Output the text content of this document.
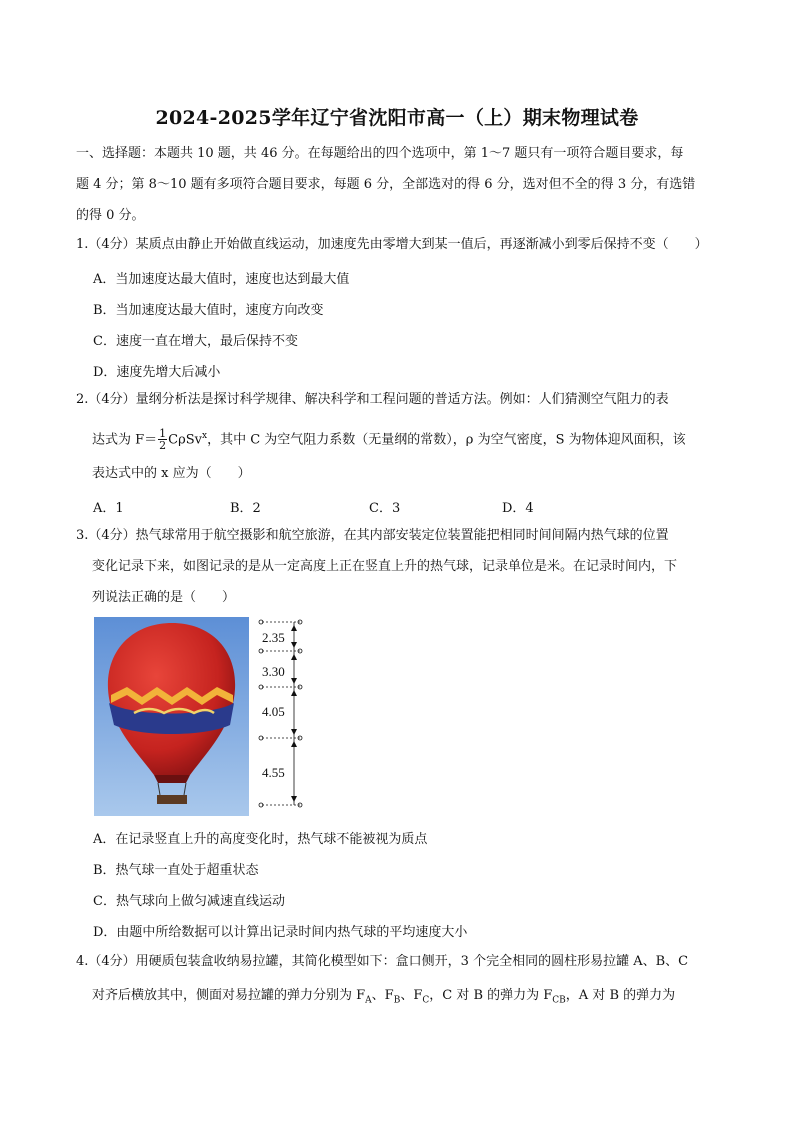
2024-2025学年辽宁省沈阳市高一（上）期末物理试卷
一、选择题：本题共 10 题，共 46 分。在每题给出的四个选项中，第 1～7 题只有一项符合题目要求，每
题 4 分；第 8～10 题有多项符合题目要求，每题 6 分，全部选对的得 6 分，选对但不全的得 3 分，有选错
的得 0 分。
1.（4分）某质点由静止开始做直线运动，加速度先由零增大到某一值后，再逐渐减小到零后保持不变（　　）
A．当加速度达最大值时，速度也达到最大值
B．当加速度达最大值时，速度方向改变
C．速度一直在增大，最后保持不变
D．速度先增大后减小
2.（4分）量纲分析法是探讨科学规律、解决科学和工程问题的普适方法。例如：人们猜测空气阻力的表
达式为 $F= \frac{1}{2} C\rho Sv^x$，其中 C 为空气阻力系数（无量纲的常数），ρ 为空气密度，S 为物体迎风面积，该
表达式中的 x 应为（　　）
A．1	B．2	C．3	D．4
3.（4分）热气球常用于航空摄影和航空旅游，在其内部安装定位装置能把相同时间间隔内热气球的位置
变化记录下来，如图记录的是从一定高度上正在竖直上升的热气球，记录单位是米。在记录时间内，下
列说法正确的是（　　）
2.35
3.30
4.05
4.55
A．在记录竖直上升的高度变化时，热气球不能被视为质点
B．热气球一直处于超重状态
C．热气球向上做匀减速直线运动
D．由题中所给数据可以计算出记录时间内热气球的平均速度大小
4.（4分）用硬质包装盒收纳易拉罐，其简化模型如下：盒口侧开，3 个完全相同的圆柱形易拉罐 A、B、C
对齐后横放其中，侧面对易拉罐的弹力分别为 $F_A$、$F_B$、$F_C$，C 对 B 的弹力为 $F_{CB}$，A 对 B 的弹力为
